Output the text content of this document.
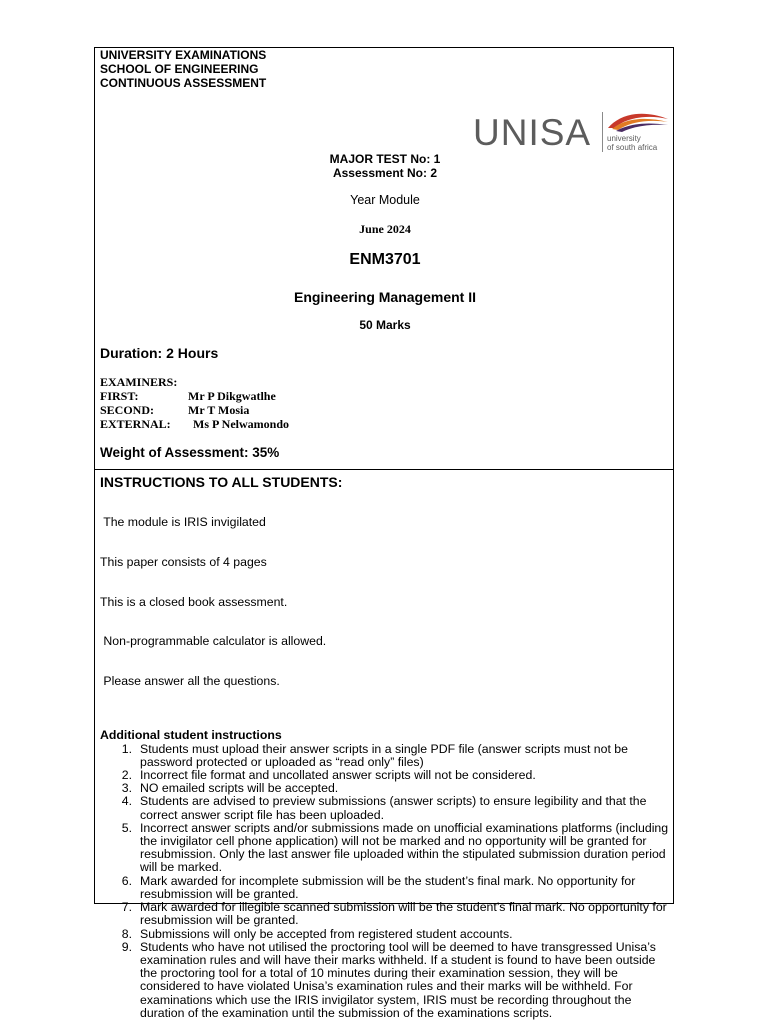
UNIVERSITY EXAMINATIONS
SCHOOL OF ENGINEERING
CONTINUOUS ASSESSMENT
UNISA university
of south africa
MAJOR TEST No: 1
Assessment No: 2
Year Module
June 2024
ENM3701
Engineering Management II
50 Marks
Duration: 2 Hours
EXAMINERS:
FIRST:	Mr P Dikgwatlhe
SECOND:	Mr T Mosia
EXTERNAL:	Ms P Nelwamondo
Weight of Assessment: 35%
INSTRUCTIONS TO ALL STUDENTS:

The module is IRIS invigilated

This paper consists of 4 pages

This is a closed book assessment.

Non-programmable calculator is allowed.

Please answer all the questions.

Additional student instructions
1. Students must upload their answer scripts in a single PDF file (answer scripts must not be password protected or uploaded as “read only” files)
2. Incorrect file format and uncollated answer scripts will not be considered.
3. NO emailed scripts will be accepted.
4. Students are advised to preview submissions (answer scripts) to ensure legibility and that the correct answer script file has been uploaded.
5. Incorrect answer scripts and/or submissions made on unofficial examinations platforms (including the invigilator cell phone application) will not be marked and no opportunity will be granted for resubmission. Only the last answer file uploaded within the stipulated submission duration period will be marked.
6. Mark awarded for incomplete submission will be the student’s final mark. No opportunity for resubmission will be granted.
7. Mark awarded for illegible scanned submission will be the student’s final mark. No opportunity for resubmission will be granted.
8. Submissions will only be accepted from registered student accounts.
9. Students who have not utilised the proctoring tool will be deemed to have transgressed Unisa’s examination rules and will have their marks withheld. If a student is found to have been outside the proctoring tool for a total of 10 minutes during their examination session, they will be considered to have violated Unisa’s examination rules and their marks will be withheld. For examinations which use the IRIS invigilator system, IRIS must be recording throughout the duration of the examination until the submission of the examinations scripts.
